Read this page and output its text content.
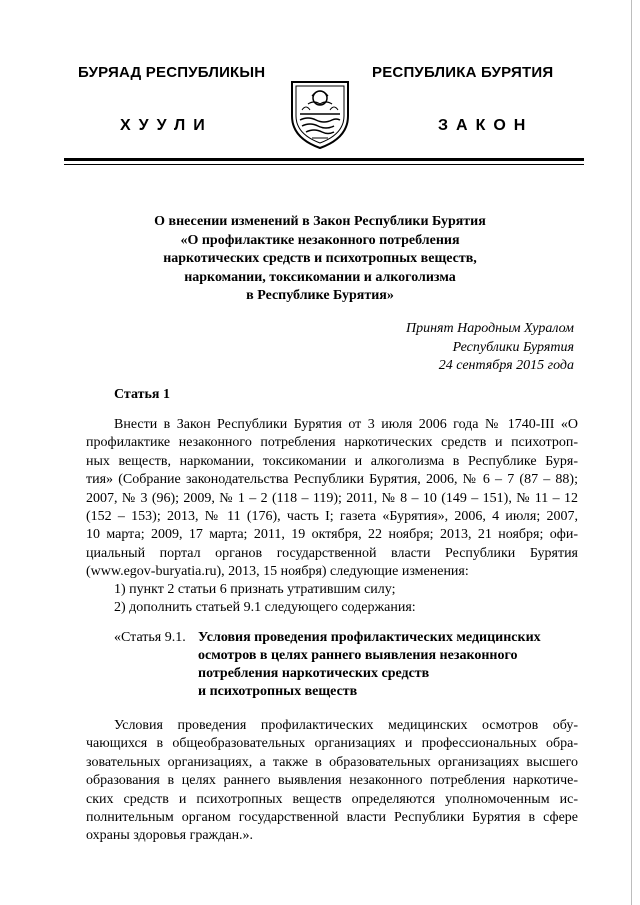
БУРЯАД РЕСПУБЛИКЫН	РЕСПУБЛИКА БУРЯТИЯ
ХУУЛИ	ЗАКОН
О внесении изменений в Закон Республики Бурятия
«О профилактике незаконного потребления
наркотических средств и психотропных веществ,
наркомании, токсикомании и алкоголизма
в Республике Бурятия»
Принят Народным Хуралом
Республики Бурятия
24 сентября 2015 года
Статья 1
Внести в Закон Республики Бурятия от 3 июля 2006 года № 1740-III «О
профилактике незаконного потребления наркотических средств и психотроп-
ных веществ, наркомании, токсикомании и алкоголизма в Республике Буря-
тия» (Собрание законодательства Республики Бурятия, 2006, № 6 – 7 (87 – 88);
2007, № 3 (96); 2009, № 1 – 2 (118 – 119); 2011, № 8 – 10 (149 – 151), № 11 – 12
(152 – 153); 2013, № 11 (176), часть I; газета «Бурятия», 2006, 4 июля; 2007,
10 марта; 2009, 17 марта; 2011, 19 октября, 22 ноября; 2013, 21 ноября; офи-
циальный портал органов государственной власти Республики Бурятия
(www.egov-buryatia.ru), 2013, 15 ноября) следующие изменения:
1) пункт 2 статьи 6 признать утратившим силу;
2) дополнить статьей 9.1 следующего содержания:
«Статья 9.1. Условия проведения профилактических медицинских
осмотров в целях раннего выявления незаконного
потребления наркотических средств
и психотропных веществ
Условия проведения профилактических медицинских осмотров обу-
чающихся в общеобразовательных организациях и профессиональных обра-
зовательных организациях, а также в образовательных организациях высшего
образования в целях раннего выявления незаконного потребления наркотиче-
ских средств и психотропных веществ определяются уполномоченным ис-
полнительным органом государственной власти Республики Бурятия в сфере
охраны здоровья граждан.».
